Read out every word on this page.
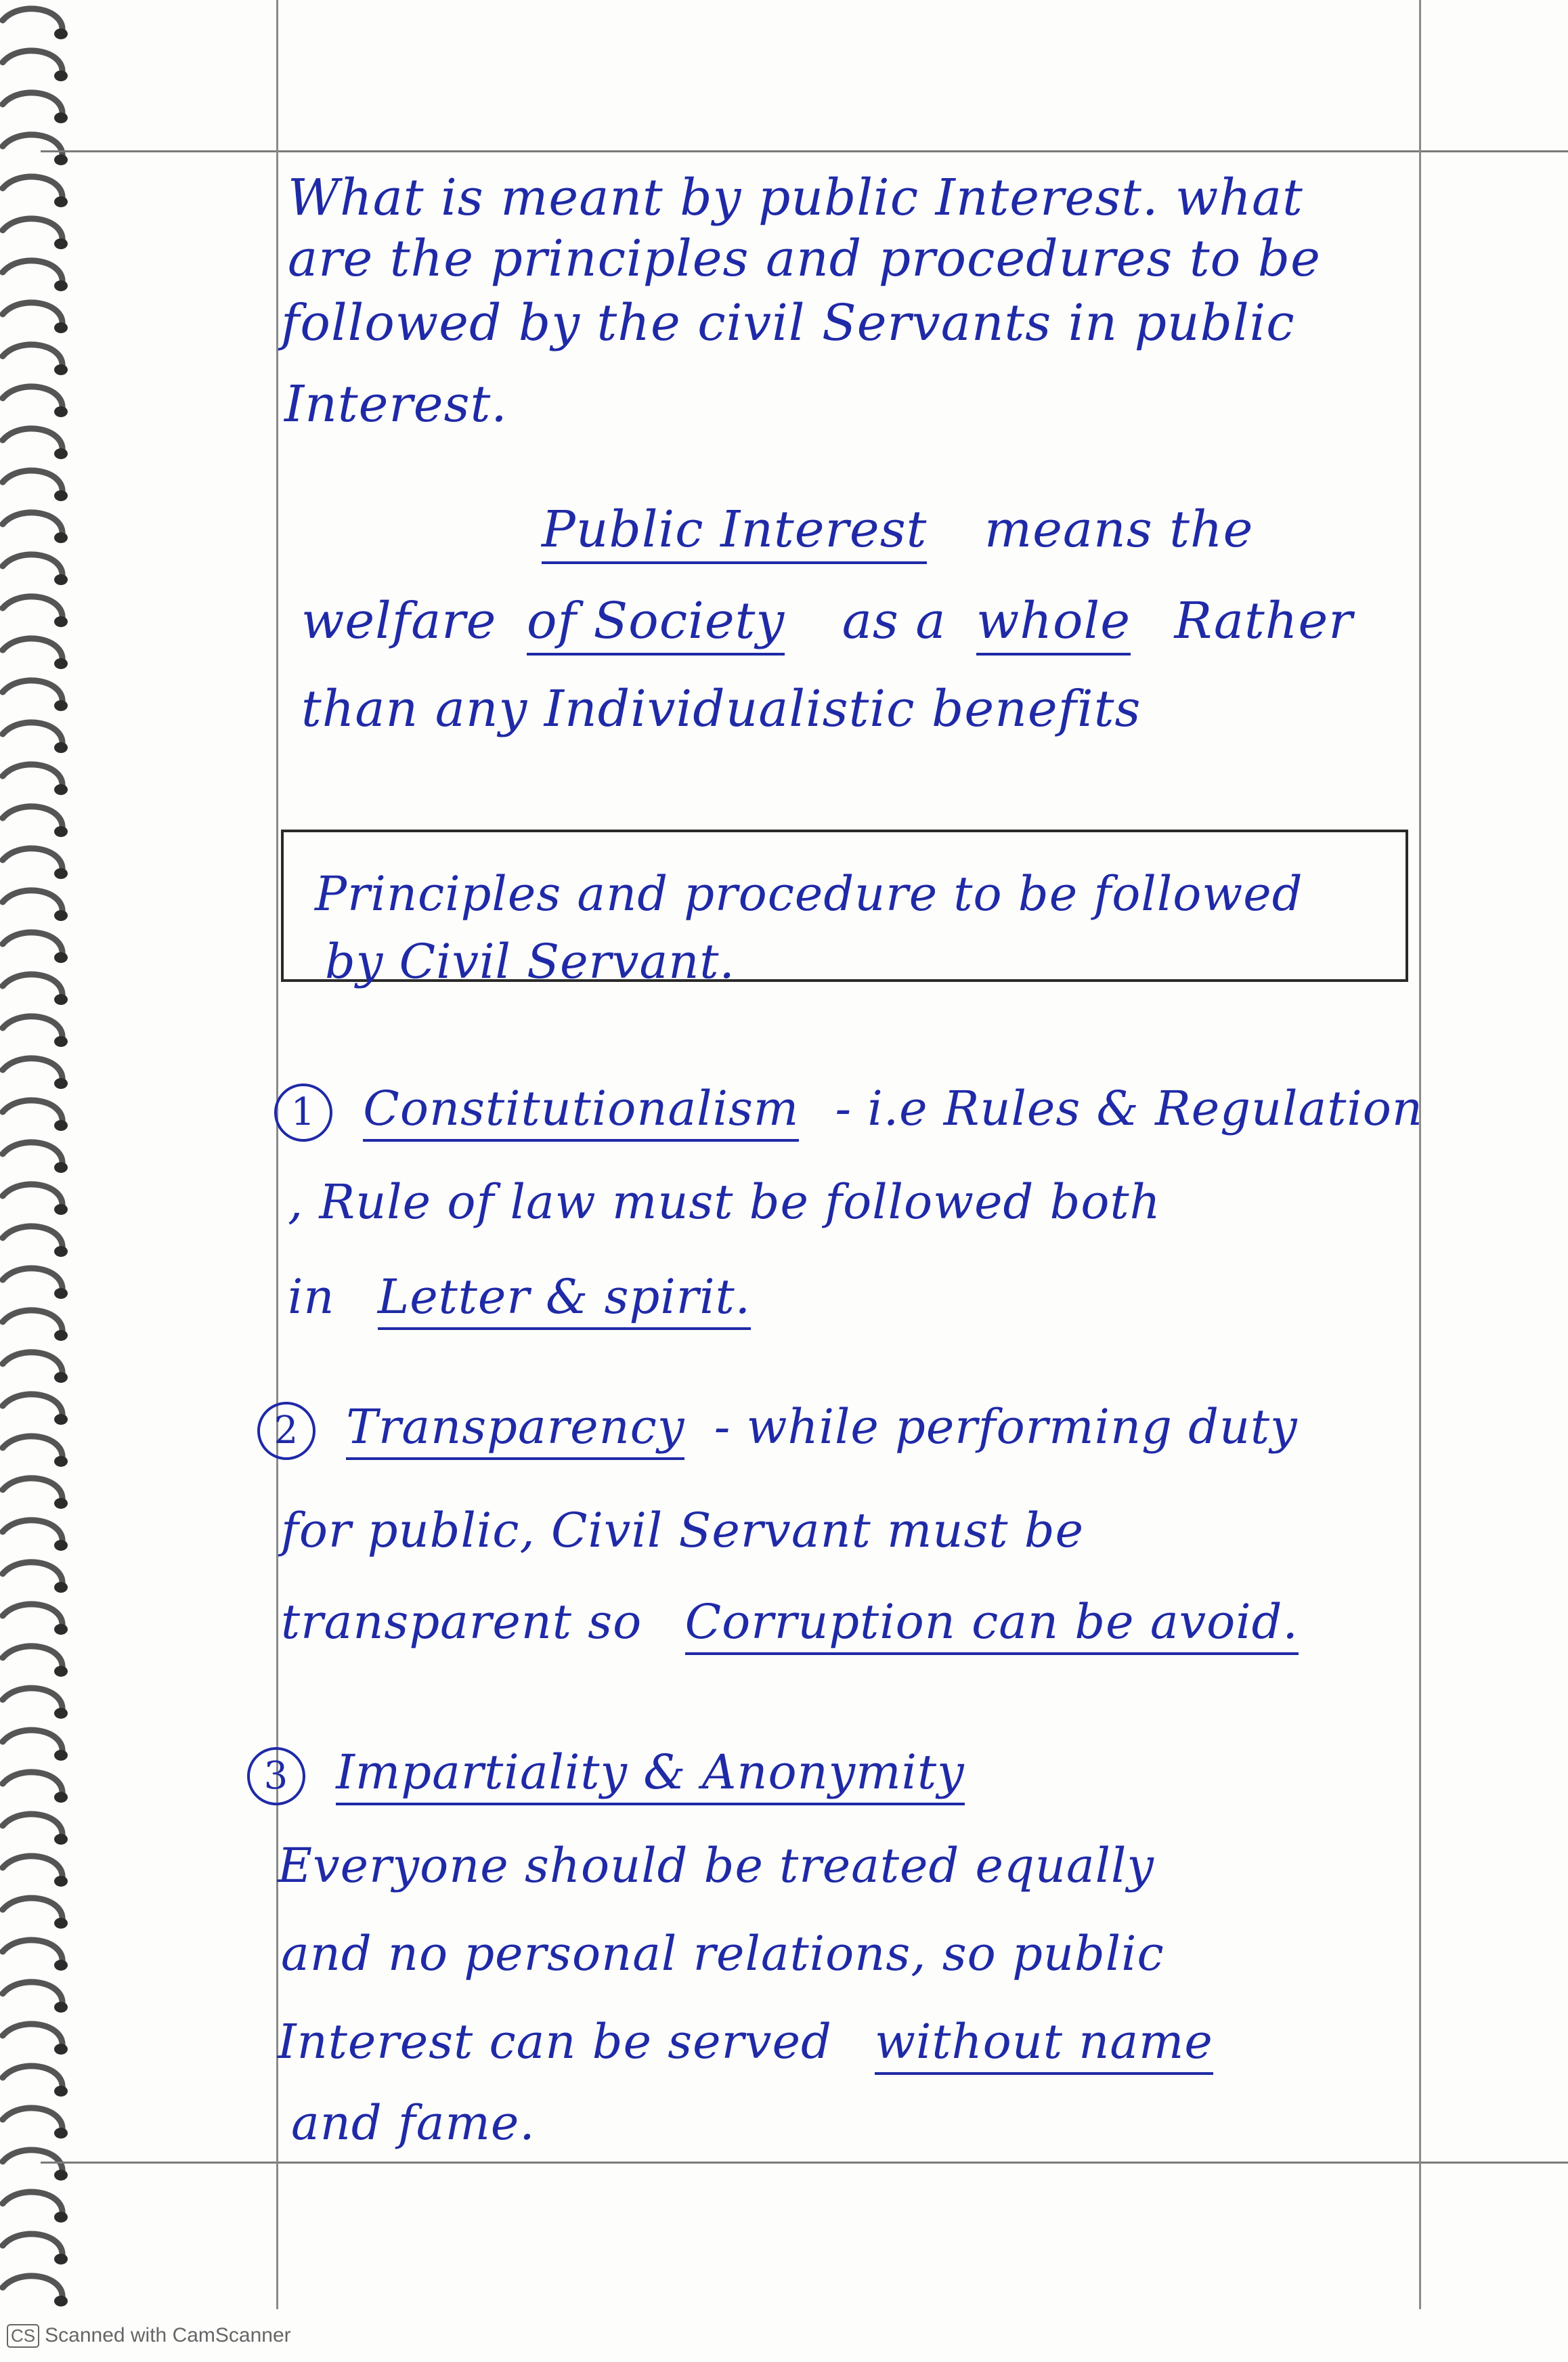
What is meant by public Interest. what
are the principles and procedures to be
followed by the civil Servants in public
Interest.
Public Interest means the
welfare of Society as a whole Rather
than any Individualistic benefits
Principles and procedure to be followed
by Civil Servant.
1 Constitutionalism - i.e Rules & Regulation
, Rule of law must be followed both
in Letter & spirit.
2 Transparency - while performing duty
for public, Civil Servant must be
transparent so Corruption can be avoid.
3 Impartiality & Anonymity
Everyone should be treated equally
and no personal relations, so public
Interest can be served without name
and fame.
CS Scanned with CamScanner
